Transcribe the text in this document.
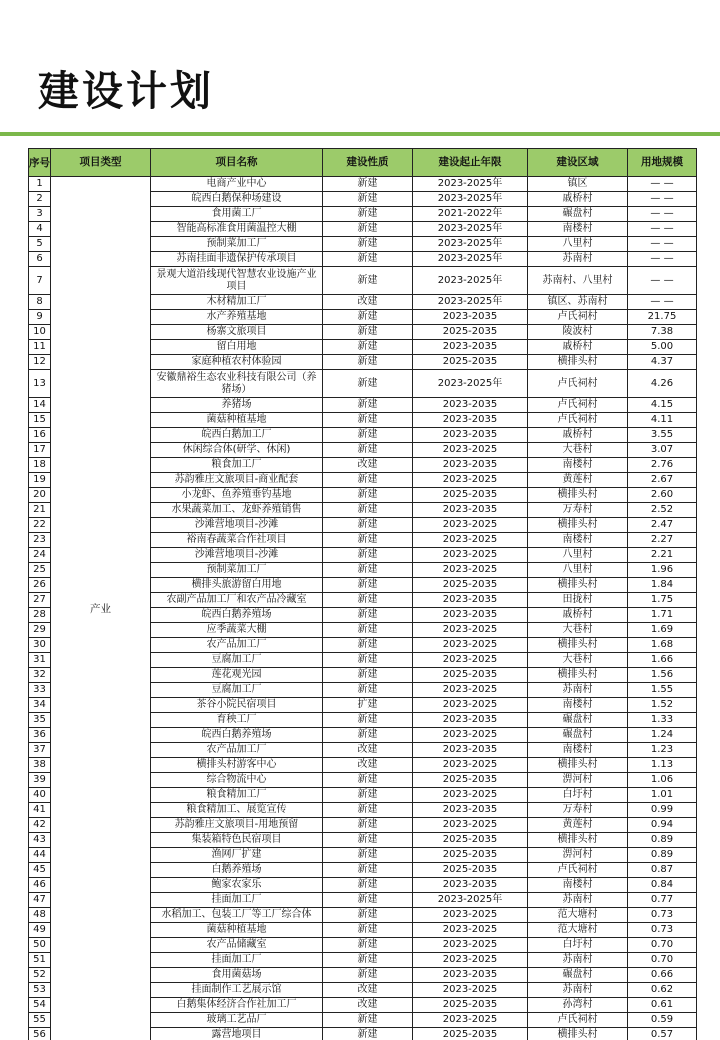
建设计划
序号	项目类型	项目名称	建设性质	建设起止年限	建设区域	用地规模
1	产业	电商产业中心	新建	2023-2025年	镇区	— —
2		皖西白鹅保种场建设	新建	2023-2025年	戚桥村	— —
3		食用菌工厂	新建	2021-2022年	碾盘村	— —
4		智能高标准食用菌温控大棚	新建	2023-2025年	南楼村	— —
5		预制菜加工厂	新建	2023-2025年	八里村	— —
6		苏南挂面非遗保护传承项目	新建	2023-2025年	苏南村	— —
7		景观大道沿线现代智慧农业设施产业项目	新建	2023-2025年	苏南村、八里村	— —
8		木材精加工厂	改建	2023-2025年	镇区、苏南村	— —
9		水产养殖基地	新建	2023-2035	卢氏祠村	21.75
10		杨寨文旅项目	新建	2025-2035	陵波村	7.38
11		留白用地	新建	2023-2035	戚桥村	5.00
12		家庭种植农村体验园	新建	2025-2035	横排头村	4.37
13		安徽鼎裕生态农业科技有限公司（养猪场）	新建	2023-2025年	卢氏祠村	4.26
14		养猪场	新建	2023-2035	卢氏祠村	4.15
15		菌菇种植基地	新建	2023-2035	卢氏祠村	4.11
16		皖西白鹅加工厂	新建	2023-2035	戚桥村	3.55
17		休闲综合体(研学、休闲)	新建	2023-2025	大巷村	3.07
18		粮食加工厂	改建	2023-2035	南楼村	2.76
19		苏韵雅庄文旅项目-商业配套	新建	2023-2025	黄莲村	2.67
20		小龙虾、鱼养殖垂钓基地	新建	2025-2035	横排头村	2.60
21		水果蔬菜加工、龙虾养殖销售	新建	2023-2035	万寿村	2.52
22		沙滩营地项目-沙滩	新建	2023-2025	横排头村	2.47
23		裕南春蔬菜合作社项目	新建	2023-2025	南楼村	2.27
24		沙滩营地项目-沙滩	新建	2023-2025	八里村	2.21
25		预制菜加工厂	新建	2023-2025	八里村	1.96
26		横排头旅游留白用地	新建	2025-2035	横排头村	1.84
27		农副产品加工厂和农产品冷藏室	新建	2023-2035	田拢村	1.75
28		皖西白鹅养殖场	新建	2023-2035	戚桥村	1.71
29		应季蔬菜大棚	新建	2023-2025	大巷村	1.69
30		农产品加工厂	新建	2023-2025	横排头村	1.68
31		豆腐加工厂	新建	2023-2025	大巷村	1.66
32		莲花观光园	新建	2025-2035	横排头村	1.56
33		豆腐加工厂	新建	2023-2025	苏南村	1.55
34		茶谷小院民宿项目	扩建	2023-2025	南楼村	1.52
35		育秧工厂	新建	2023-2035	碾盘村	1.33
36		皖西白鹅养殖场	新建	2023-2025	碾盘村	1.24
37		农产品加工厂	改建	2023-2035	南楼村	1.23
38		横排头村游客中心	改建	2023-2025	横排头村	1.13
39		综合物流中心	新建	2025-2035	淠河村	1.06
40		粮食精加工厂	新建	2023-2025	白圩村	1.01
41		粮食精加工、展览宣传	新建	2023-2035	万寿村	0.99
42		苏韵雅庄文旅项目-用地预留	新建	2023-2025	黄莲村	0.94
43		集装箱特色民宿项目	新建	2025-2035	横排头村	0.89
44		渔网厂扩建	新建	2025-2035	淠河村	0.89
45		白鹅养殖场	新建	2025-2035	卢氏祠村	0.87
46		鲍家农家乐	新建	2023-2035	南楼村	0.84
47		挂面加工厂	新建	2023-2025年	苏南村	0.77
48		水稻加工、包装工厂等工厂综合体	新建	2023-2025	范大塘村	0.73
49		菌菇种植基地	新建	2023-2025	范大塘村	0.73
50		农产品储藏室	新建	2023-2025	白圩村	0.70
51		挂面加工厂	新建	2023-2025	苏南村	0.70
52		食用菌菇场	新建	2023-2035	碾盘村	0.66
53		挂面制作工艺展示馆	改建	2023-2025	苏南村	0.62
54		白鹅集体经济合作社加工厂	改建	2025-2035	孙湾村	0.61
55		玻璃工艺品厂	新建	2023-2025	卢氏祠村	0.59
56		露营地项目	新建	2025-2035	横排头村	0.57
